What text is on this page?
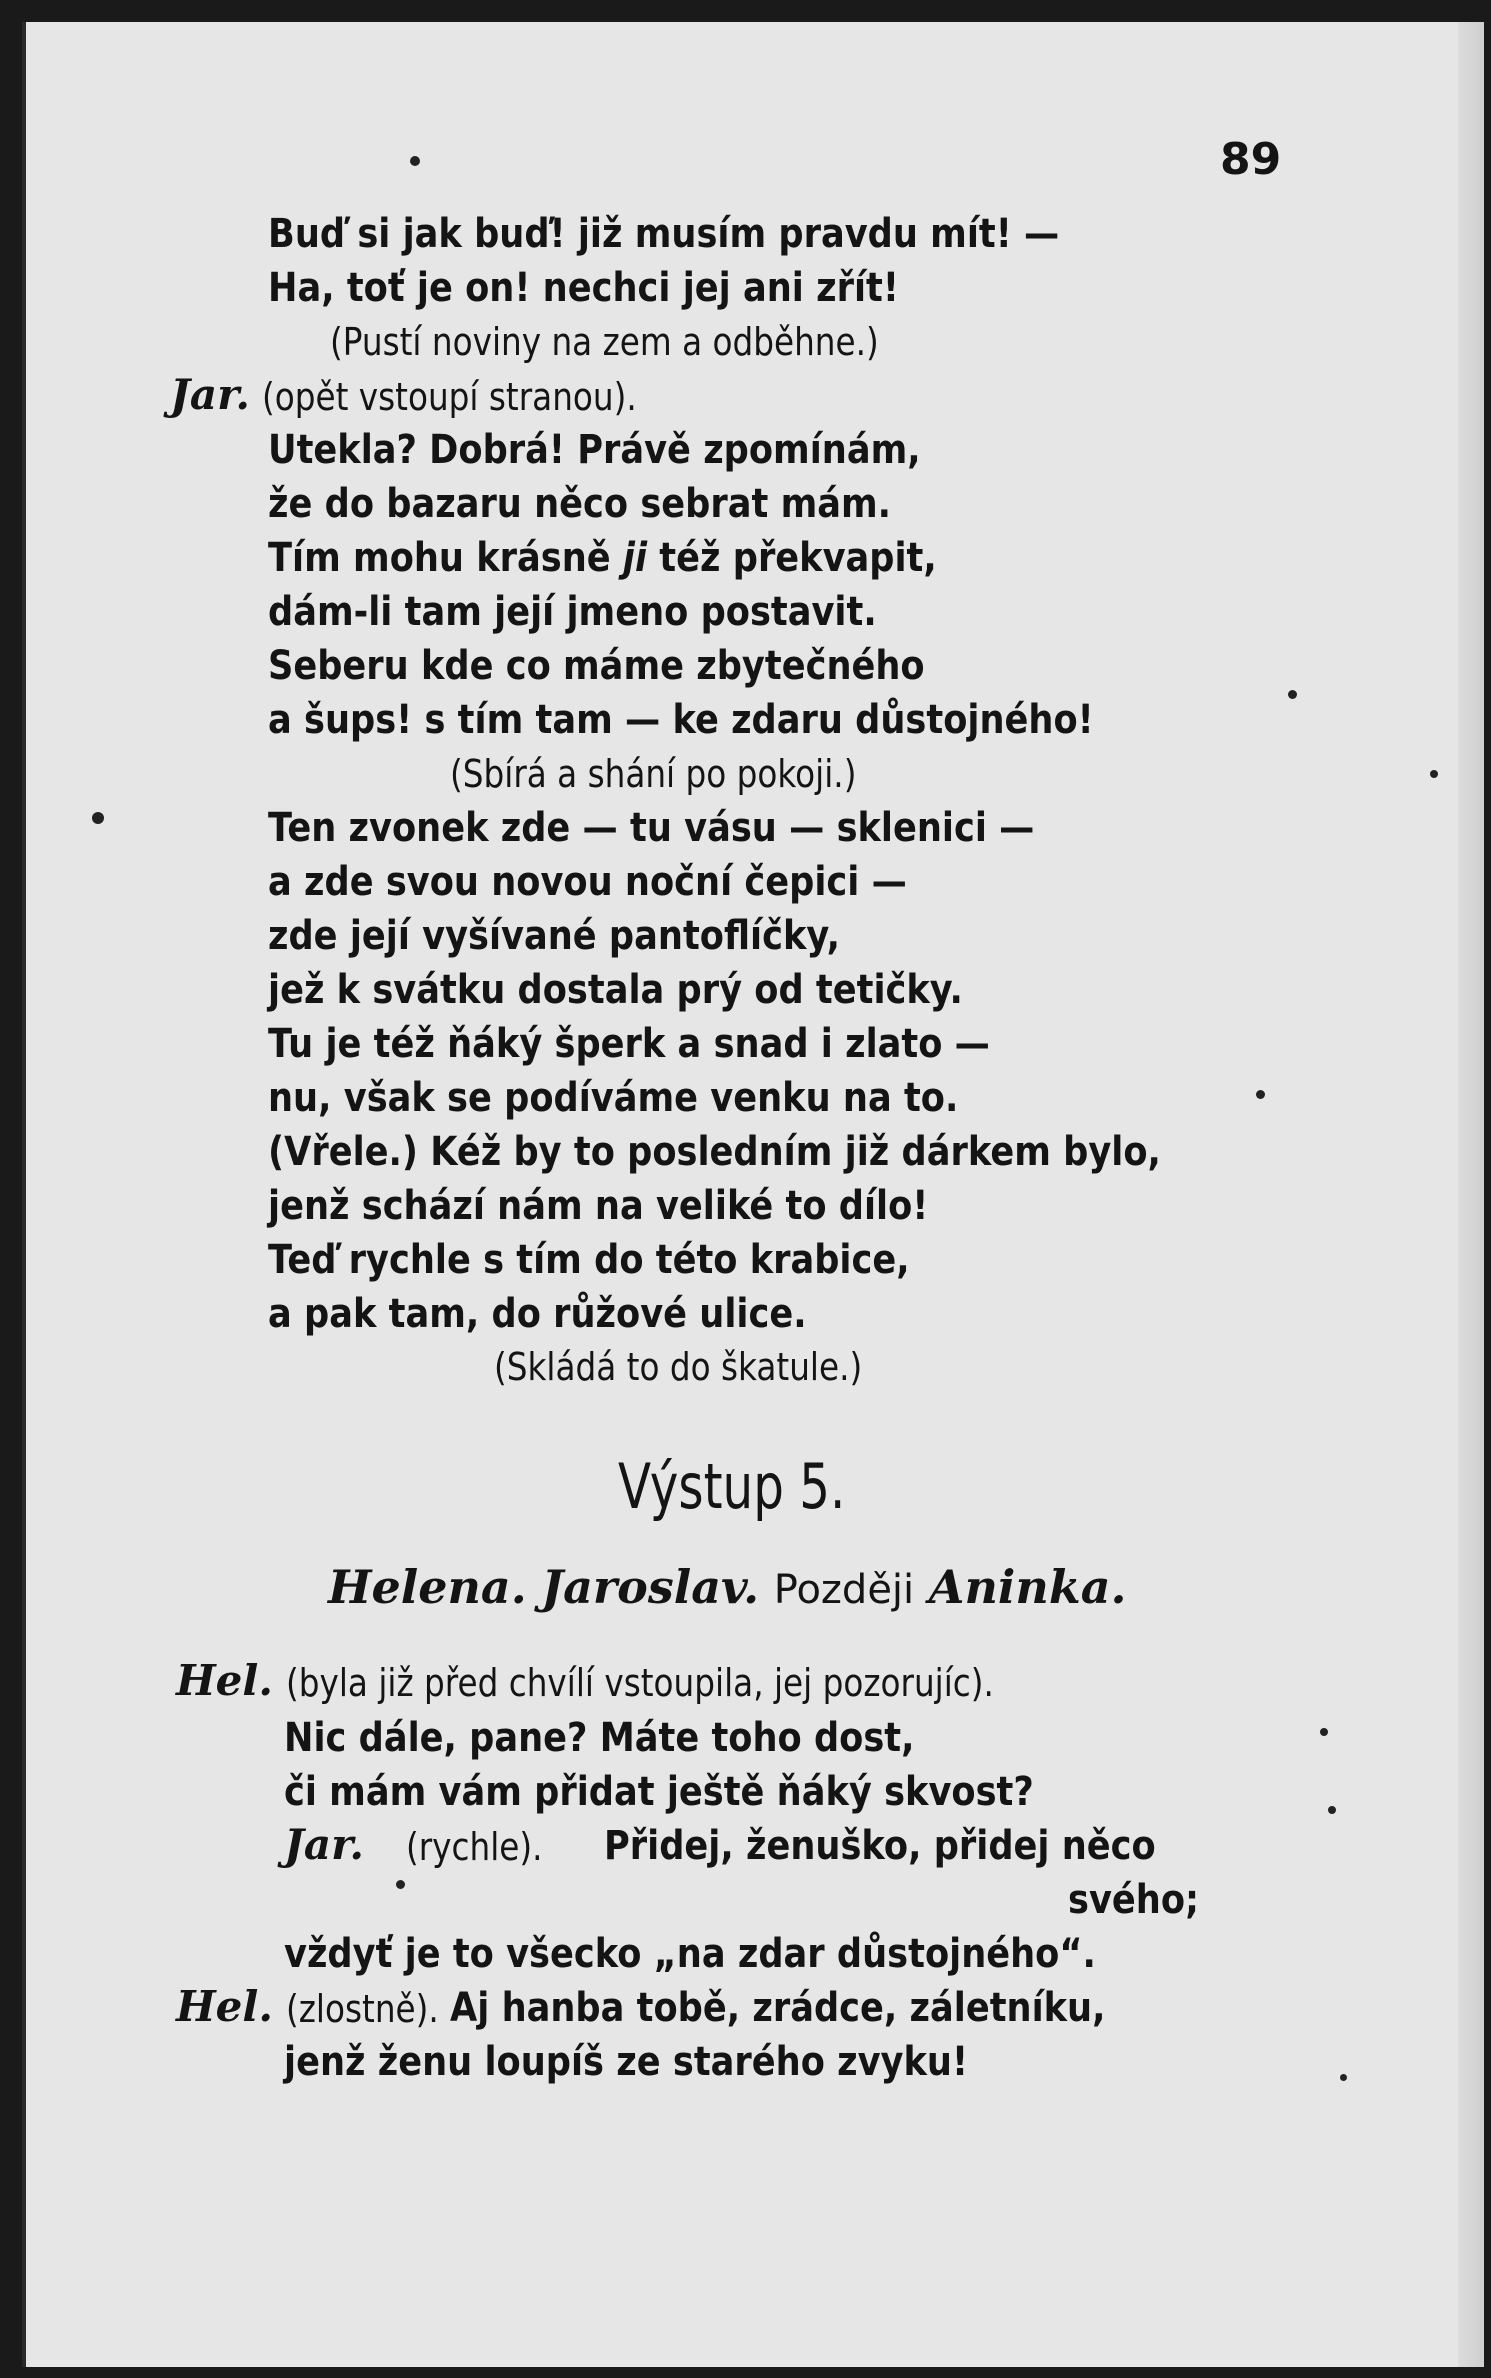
89
Buď si jak buď! již musím pravdu mít! —
Ha, toť je on! nechci jej ani zřít!
(Pustí noviny na zem a odběhne.)
Jar. (opět vstoupí stranou).
Utekla? Dobrá! Právě zpomínám,
že do bazaru něco sebrat mám.
Tím mohu krásně ji též překvapit,
dám-li tam její jmeno postavit.
Seberu kde co máme zbytečného
a šups! s tím tam — ke zdaru důstojného!
(Sbírá a shání po pokoji.)
Ten zvonek zde — tu vásu — sklenici —
a zde svou novou noční čepici —
zde její vyšívané pantoflíčky,
jež k svátku dostala prý od tetičky.
Tu je též ňáký šperk a snad i zlato —
nu, však se podíváme venku na to.
(Vřele.) Kéž by to posledním již dárkem bylo,
jenž schází nám na veliké to dílo!
Teď rychle s tím do této krabice,
a pak tam, do růžové ulice.
(Skládá to do škatule.)
Výstup 5.
Helena. Jaroslav. Později Aninka.
Hel. (byla již před chvílí vstoupila, jej pozorujíc).
Nic dále, pane? Máte toho dost,
či mám vám přidat ještě ňáký skvost?
Jar. (rychle). Přidej, ženuško, přidej něco
svého;
vždyť je to všecko „na zdar důstojného“.
Hel. (zlostně). Aj hanba tobě, zrádce, záletníku,
jenž ženu loupíš ze starého zvyku!
